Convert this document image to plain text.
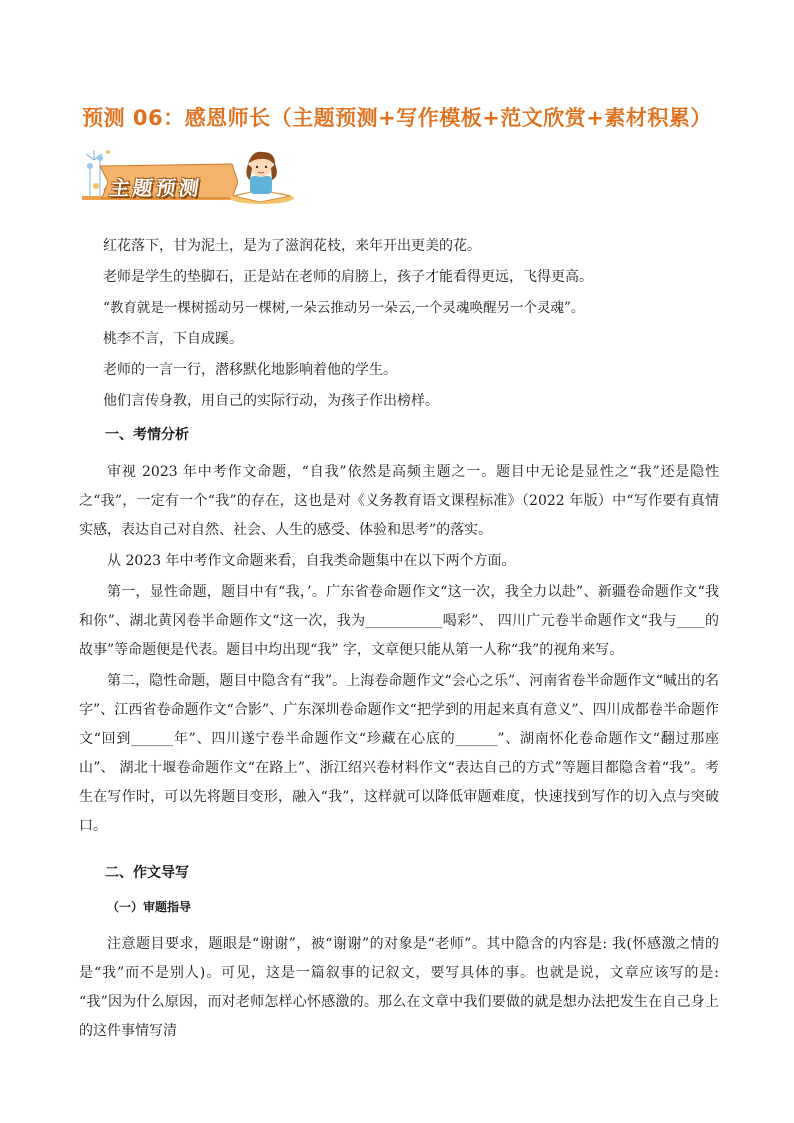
预测 06：感恩师长（主题预测+写作模板+范文欣赏+素材积累）
主题预测

红花落下，甘为泥土，是为了滋润花枝，来年开出更美的花。

老师是学生的垫脚石，正是站在老师的肩膀上，孩子才能看得更远，飞得更高。

“教育就是一棵树摇动另一棵树,一朵云推动另一朵云,一个灵魂唤醒另一个灵魂”。

桃李不言，下自成蹊。

老师的一言一行，潜移默化地影响着他的学生。

他们言传身教，用自己的实际行动，为孩子作出榜样。

一、考情分析

审视 2023 年中考作文命题，“自我”依然是高频主题之一。题目中无论是显性之“我”还是隐性之“我”，一定有一个“我”的存在，这也是对《义务教育语文课程标准》（2022 年版）中“写作要有真情实感，表达自己对自然、社会、人生的感受、体验和思考”的落实。

从 2023 年中考作文命题来看，自我类命题集中在以下两个方面。

第一，显性命题，题目中有“我，’。广东省卷命题作文“这一次，我全力以赴”、新疆卷命题作文“我和你”、湖北黄冈卷半命题作文“这一次，我为___________喝彩”、 四川广元卷半命题作文“我与____的故事”等命题便是代表。题目中均出现“我” 字，文章便只能从第一人称“我”的视角来写。

第二，隐性命题，题目中隐含有“我”。上海卷命题作文“会心之乐”、河南省卷半命题作文“喊出的名字”、江西省卷命题作文“合影”、广东深圳卷命题作文“把学到的用起来真有意义”、四川成都卷半命题作文“回到______年”、四川遂宁卷半命题作文“珍藏在心底的______”、湖南怀化卷命题作文“翻过那座山”、 湖北十堰卷命题作文“在路上”、浙江绍兴卷材料作文“表达自己的方式”等题目都隐含着“我”。考生在写作时，可以先将题目变形，融入“我”，这样就可以降低审题难度，快速找到写作的切入点与突破口。

二、作文导写
（一）审题指导

注意题目要求，题眼是“谢谢”，被“谢谢”的对象是“老师”。其中隐含的内容是: 我(怀感激之情的是“我”而不是别人)。可见，这是一篇叙事的记叙文，要写具体的事。也就是说，文章应该写的是: “我”因为什么原因，而对老师怎样心怀感激的。那么在文章中我们要做的就是想办法把发生在自己身上的这件事情写清
